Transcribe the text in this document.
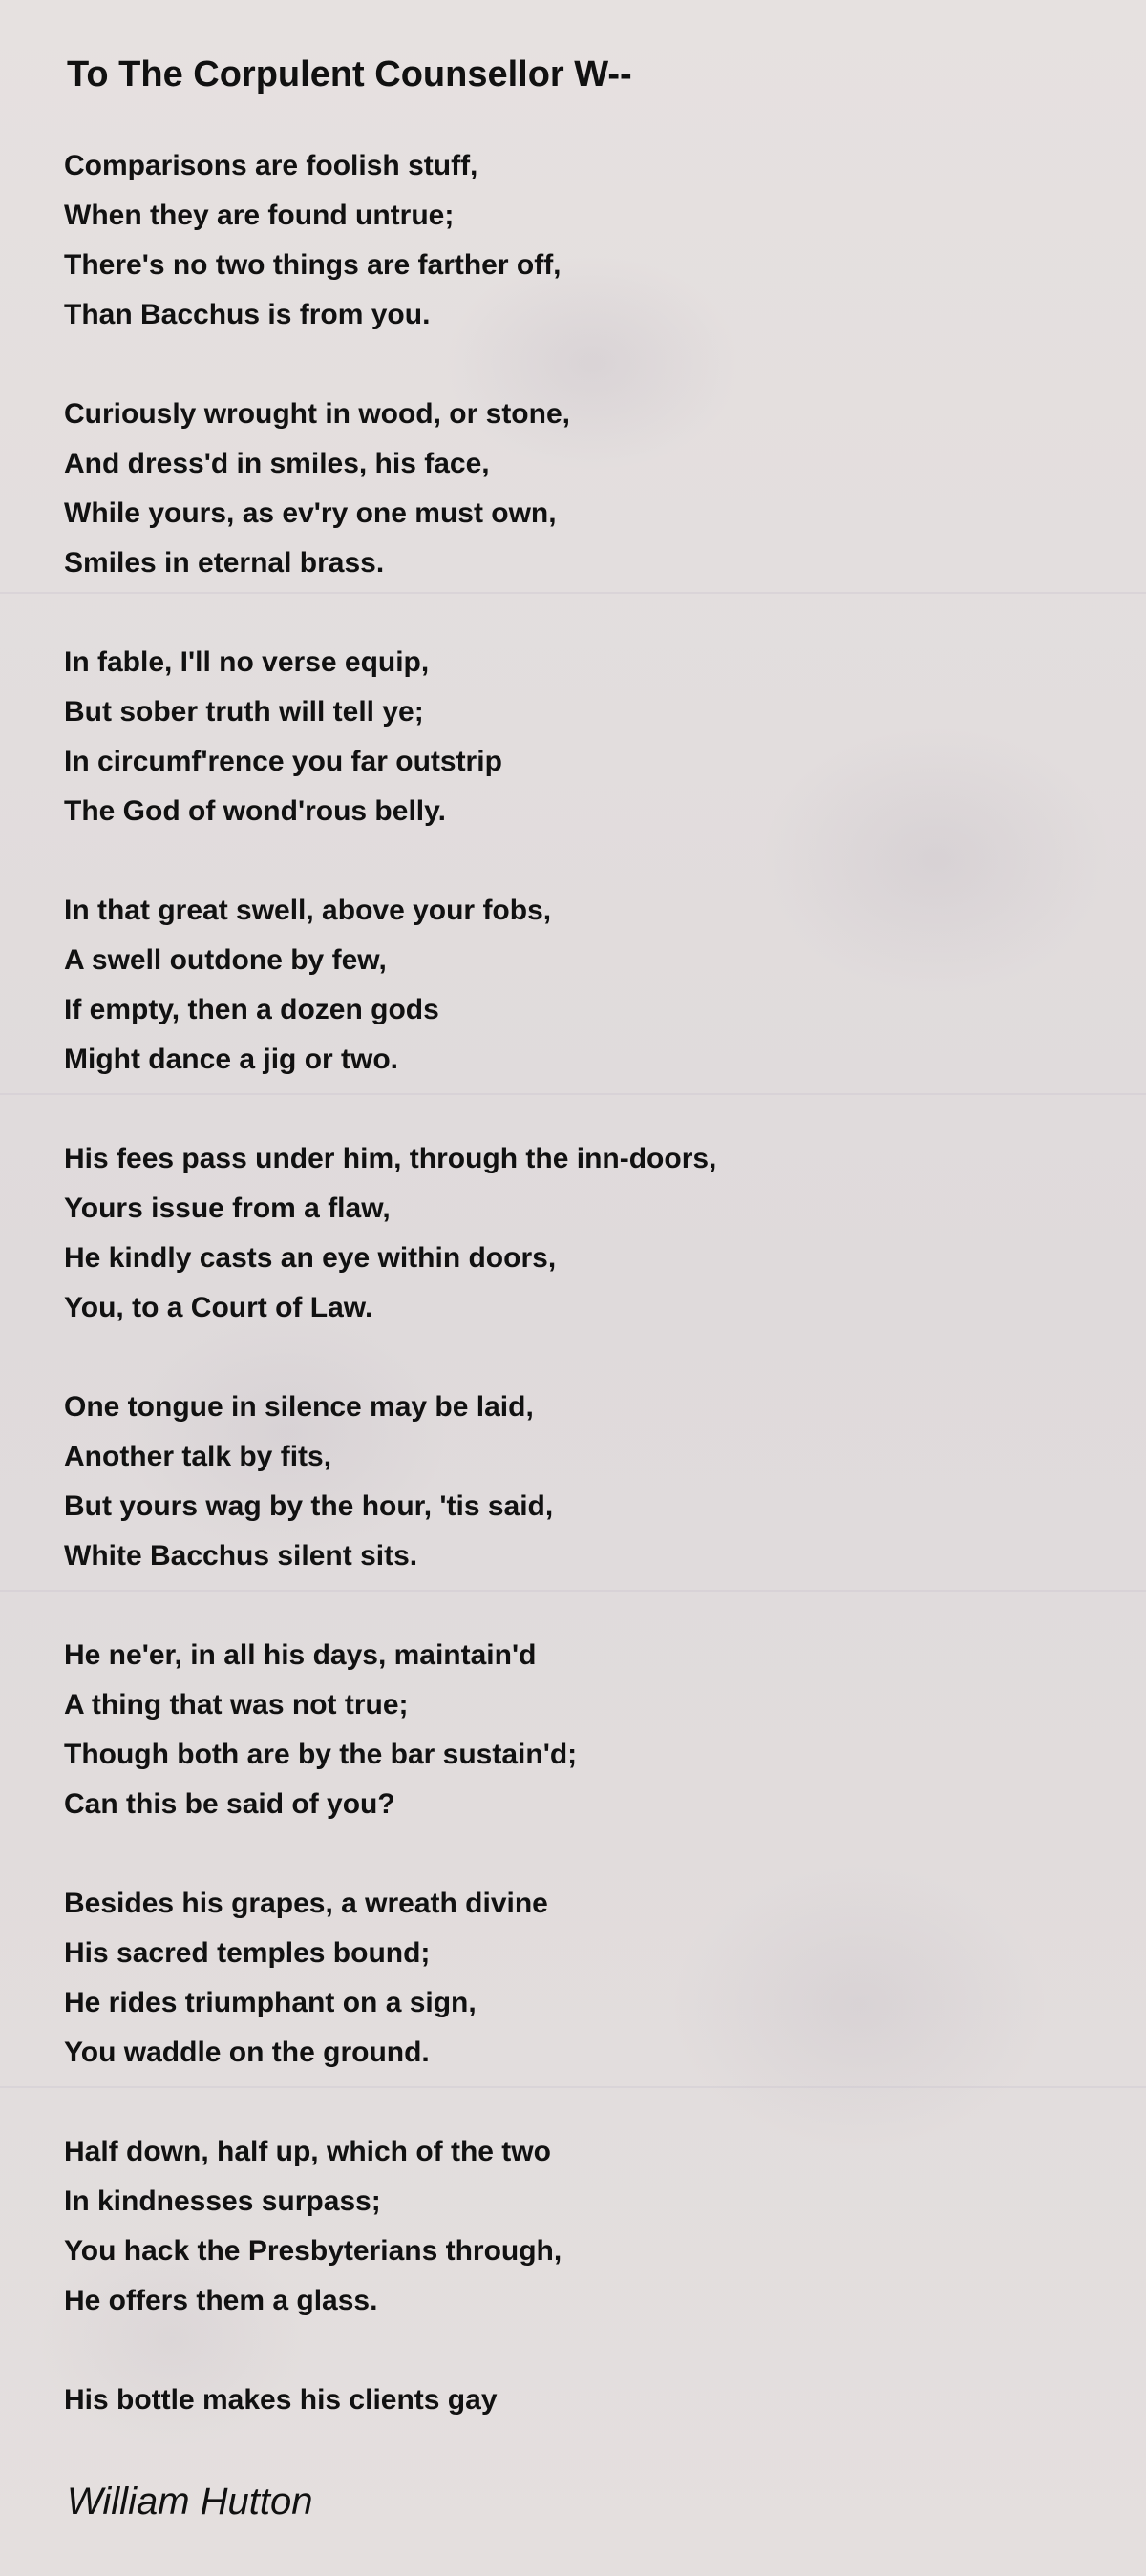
To The Corpulent Counsellor W--
Comparisons are foolish stuff,
When they are found untrue;
There's no two things are farther off,
Than Bacchus is from you.
Curiously wrought in wood, or stone,
And dress'd in smiles, his face,
While yours, as ev'ry one must own,
Smiles in eternal brass.
In fable, I'll no verse equip,
But sober truth will tell ye;
In circumf'rence you far outstrip
The God of wond'rous belly.
In that great swell, above your fobs,
A swell outdone by few,
If empty, then a dozen gods
Might dance a jig or two.
His fees pass under him, through the inn-doors,
Yours issue from a flaw,
He kindly casts an eye within doors,
You, to a Court of Law.
One tongue in silence may be laid,
Another talk by fits,
But yours wag by the hour, 'tis said,
White Bacchus silent sits.
He ne'er, in all his days, maintain'd
A thing that was not true;
Though both are by the bar sustain'd;
Can this be said of you?
Besides his grapes, a wreath divine
His sacred temples bound;
He rides triumphant on a sign,
You waddle on the ground.
Half down, half up, which of the two
In kindnesses surpass;
You hack the Presbyterians through,
He offers them a glass.
His bottle makes his clients gay
William Hutton
